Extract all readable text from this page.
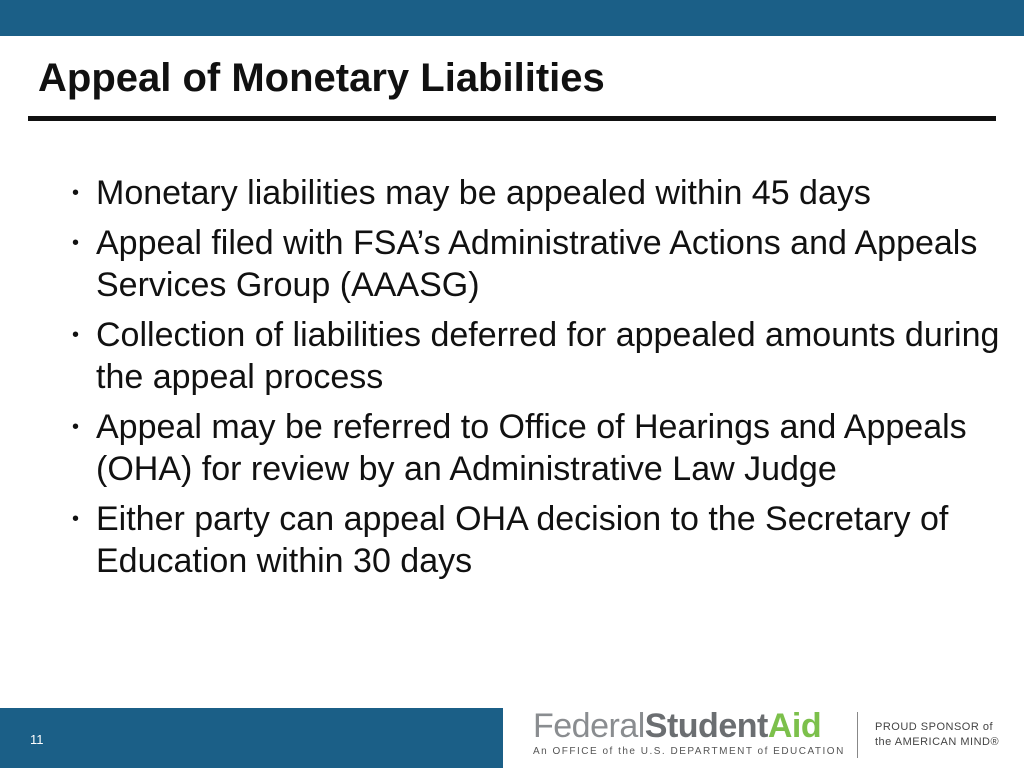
Appeal of Monetary Liabilities
• Monetary liabilities may be appealed within 45 days
• Appeal filed with FSA’s Administrative Actions and Appeals Services Group (AAASG)
• Collection of liabilities deferred for appealed amounts during the appeal process
• Appeal may be referred to Office of Hearings and Appeals (OHA) for review by an Administrative Law Judge
• Either party can appeal OHA decision to the Secretary of Education within 30 days
11	FederalStudentAid
An OFFICE of the U.S. DEPARTMENT of EDUCATION
PROUD SPONSOR of
the AMERICAN MIND®
